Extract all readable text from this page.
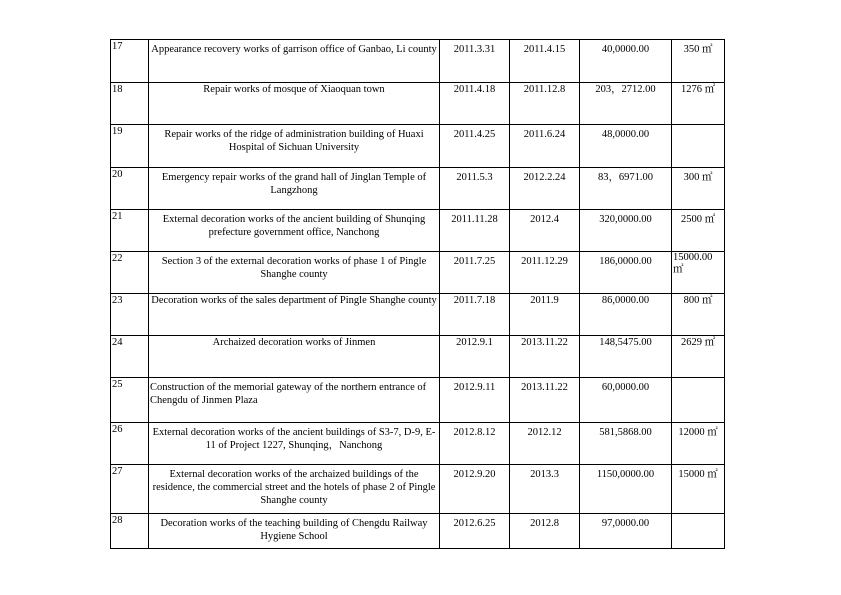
17	Appearance recovery works of garrison office of Ganbao, Li county	2011.3.31	2011.4.15	40,0000.00	350 ㎡
18	Repair works of mosque of Xiaoquan town	2011.4.18	2011.12.8	203，2712.00	1276 ㎡
19	Repair works of the ridge of administration building of Huaxi Hospital of Sichuan University	2011.4.25	2011.6.24	48,0000.00	
20	Emergency repair works of the grand hall of Jinglan Temple of Langzhong	2011.5.3	2012.2.24	83，6971.00	300 ㎡
21	External decoration works of the ancient building of Shunqing prefecture government office, Nanchong	2011.11.28	2012.4	320,0000.00	2500 ㎡
22	Section 3 of the external decoration works of phase 1 of Pingle Shanghe county	2011.7.25	2011.12.29	186,0000.00	15000.00 ㎡
23	Decoration works of the sales department of Pingle Shanghe county	2011.7.18	2011.9	86,0000.00	800 ㎡
24	Archaized decoration works of Jinmen	2012.9.1	2013.11.22	148,5475.00	2629 ㎡
25	Construction of the memorial gateway of the northern entrance of Chengdu of Jinmen Plaza	2012.9.11	2013.11.22	60,0000.00	
26	External decoration works of the ancient buildings of S3-7, D-9, E-11 of Project 1227, Shunqing，Nanchong	2012.8.12	2012.12	581,5868.00	12000 ㎡
27	External decoration works of the archaized buildings of the residence, the commercial street and the hotels of phase 2 of Pingle Shanghe county	2012.9.20	2013.3	1150,0000.00	15000 ㎡
28	Decoration works of the teaching building of Chengdu Railway Hygiene School	2012.6.25	2012.8	97,0000.00	
